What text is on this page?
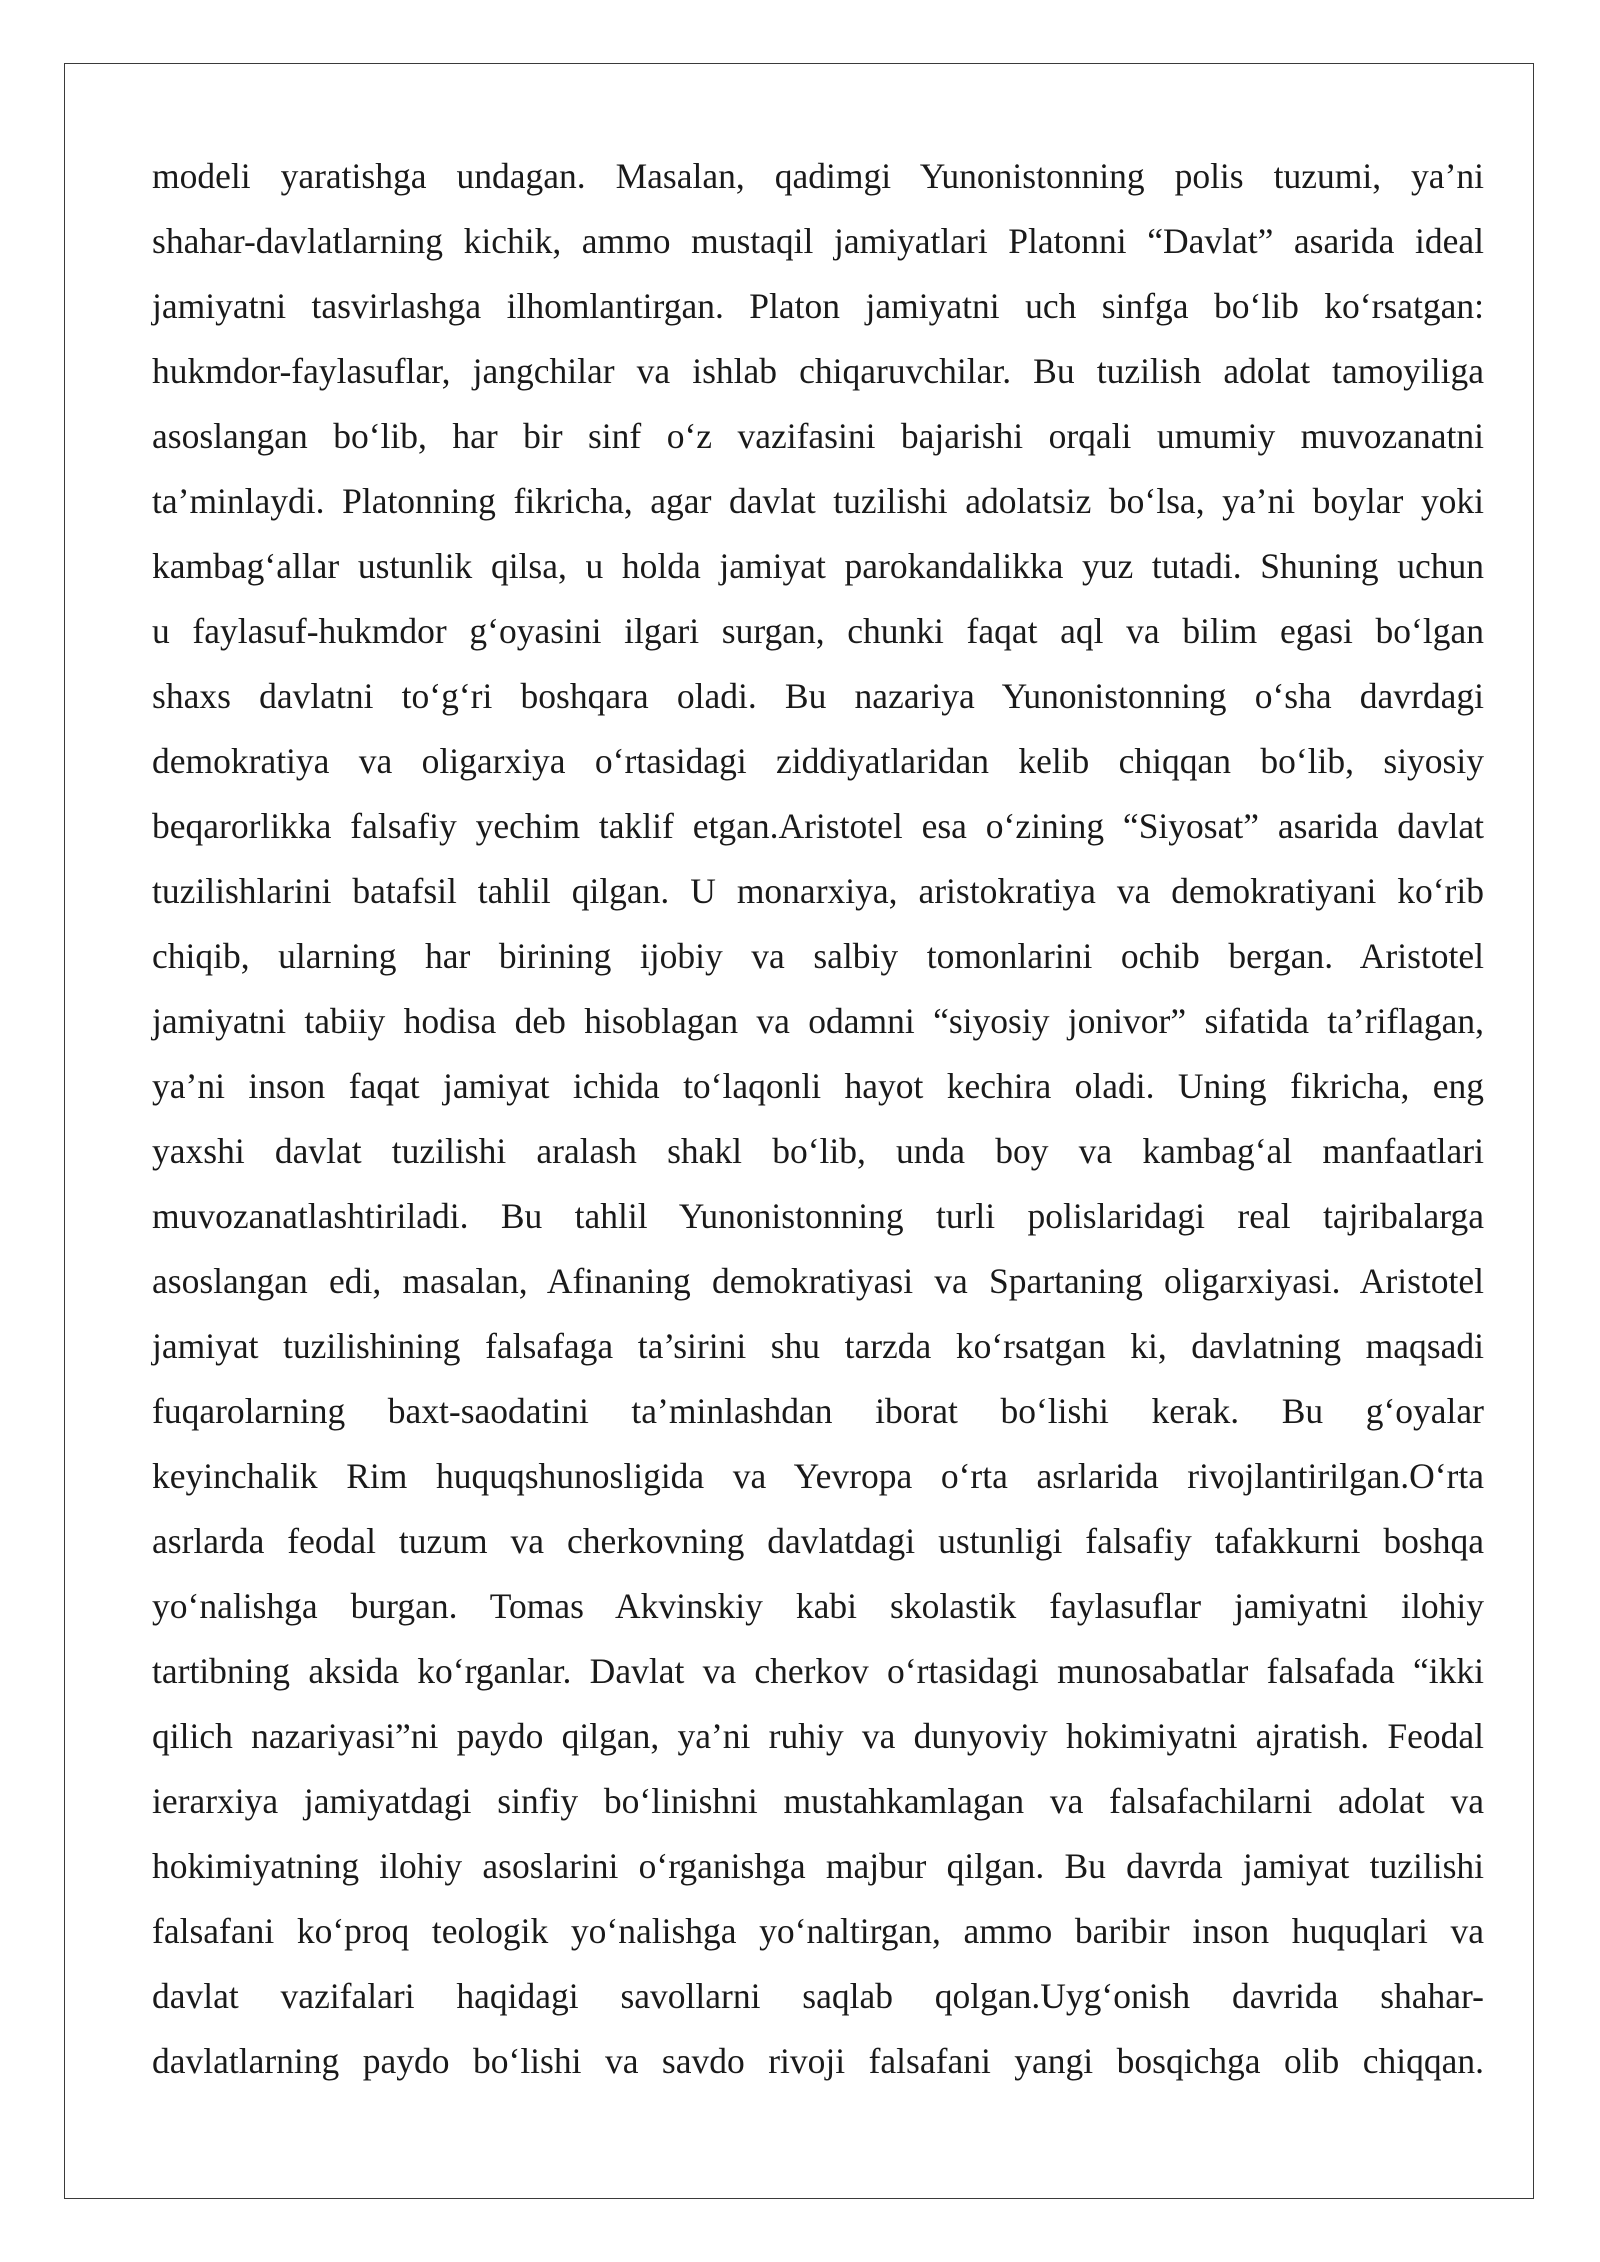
modeli yaratishga undagan. Masalan, qadimgi Yunonistonning polis tuzumi, ya’ni
shahar-davlatlarning kichik, ammo mustaqil jamiyatlari Platonni “Davlat” asarida ideal
jamiyatni tasvirlashga ilhomlantirgan. Platon jamiyatni uch sinfga bo‘lib ko‘rsatgan:
hukmdor-faylasuflar, jangchilar va ishlab chiqaruvchilar. Bu tuzilish adolat tamoyiliga
asoslangan bo‘lib, har bir sinf o‘z vazifasini bajarishi orqali umumiy muvozanatni
ta’minlaydi. Platonning fikricha, agar davlat tuzilishi adolatsiz bo‘lsa, ya’ni boylar yoki
kambag‘allar ustunlik qilsa, u holda jamiyat parokandalikka yuz tutadi. Shuning uchun
u faylasuf-hukmdor g‘oyasini ilgari surgan, chunki faqat aql va bilim egasi bo‘lgan
shaxs davlatni to‘g‘ri boshqara oladi. Bu nazariya Yunonistonning o‘sha davrdagi
demokratiya va oligarxiya o‘rtasidagi ziddiyatlaridan kelib chiqqan bo‘lib, siyosiy
beqarorlikka falsafiy yechim taklif etgan.Aristotel esa o‘zining “Siyosat” asarida davlat
tuzilishlarini batafsil tahlil qilgan. U monarxiya, aristokratiya va demokratiyani ko‘rib
chiqib, ularning har birining ijobiy va salbiy tomonlarini ochib bergan. Aristotel
jamiyatni tabiiy hodisa deb hisoblagan va odamni “siyosiy jonivor” sifatida ta’riflagan,
ya’ni inson faqat jamiyat ichida to‘laqonli hayot kechira oladi. Uning fikricha, eng
yaxshi davlat tuzilishi aralash shakl bo‘lib, unda boy va kambag‘al manfaatlari
muvozanatlashtiriladi. Bu tahlil Yunonistonning turli polislaridagi real tajribalarga
asoslangan edi, masalan, Afinaning demokratiyasi va Spartaning oligarxiyasi. Aristotel
jamiyat tuzilishining falsafaga ta’sirini shu tarzda ko‘rsatgan ki, davlatning maqsadi
fuqarolarning baxt-saodatini ta’minlashdan iborat bo‘lishi kerak. Bu g‘oyalar
keyinchalik Rim huquqshunosligida va Yevropa o‘rta asrlarida rivojlantirilgan.O‘rta
asrlarda feodal tuzum va cherkovning davlatdagi ustunligi falsafiy tafakkurni boshqa
yo‘nalishga burgan. Tomas Akvinskiy kabi skolastik faylasuflar jamiyatni ilohiy
tartibning aksida ko‘rganlar. Davlat va cherkov o‘rtasidagi munosabatlar falsafada “ikki
qilich nazariyasi”ni paydo qilgan, ya’ni ruhiy va dunyoviy hokimiyatni ajratish. Feodal
ierarxiya jamiyatdagi sinfiy bo‘linishni mustahkamlagan va falsafachilarni adolat va
hokimiyatning ilohiy asoslarini o‘rganishga majbur qilgan. Bu davrda jamiyat tuzilishi
falsafani ko‘proq teologik yo‘nalishga yo‘naltirgan, ammo baribir inson huquqlari va
davlat vazifalari haqidagi savollarni saqlab qolgan.Uyg‘onish davrida shahar-
davlatlarning paydo bo‘lishi va savdo rivoji falsafani yangi bosqichga olib chiqqan.
